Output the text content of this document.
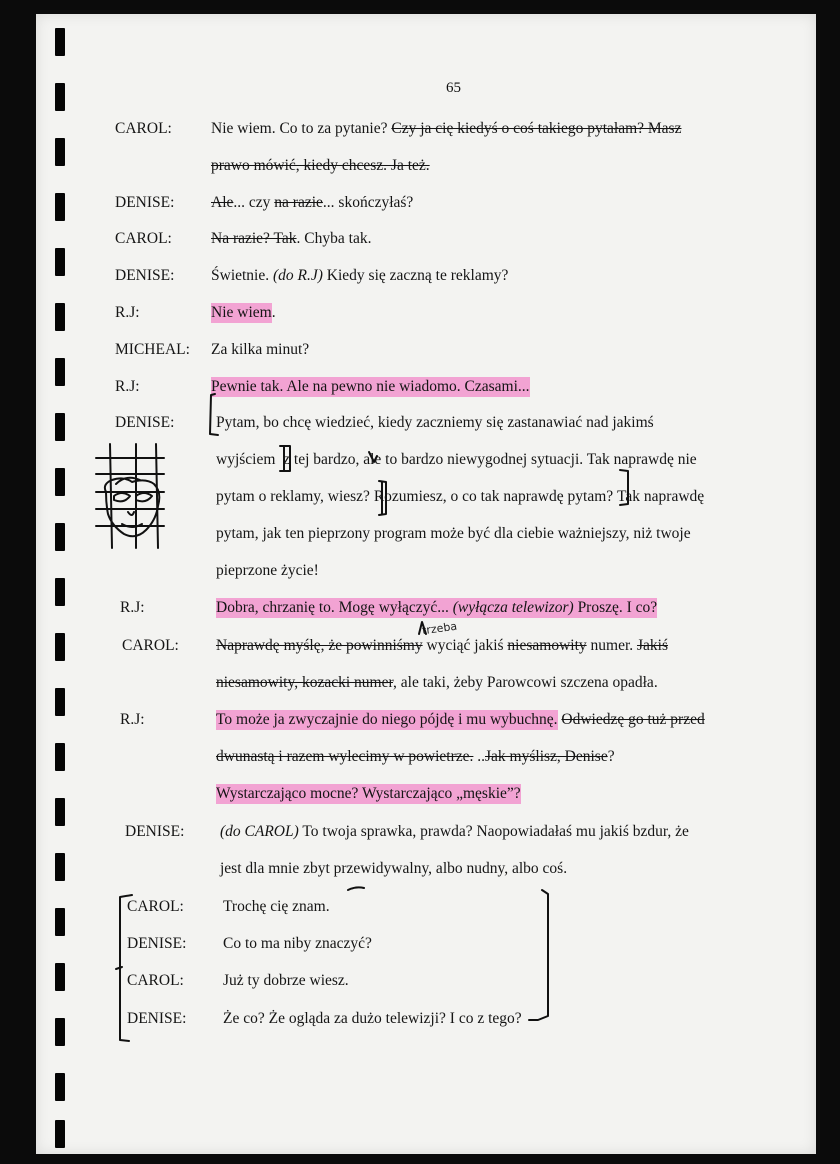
65
CAROL:	Nie wiem. Co to za pytanie? Czy ja cię kiedyś o coś takiego pytałam? Masz
prawo mówić, kiedy chcesz. Ja też.
DENISE: Ale... czy na razie... skończyłaś?
CAROL:	Na razie? Tak. Chyba tak.
DENISE: Świetnie. (do R.J) Kiedy się zaczną te reklamy?
R.J:	Nie wiem.
MICHEAL: Za kilka minut?
R.J:	Pewnie tak. Ale na pewno nie wiadomo. Czasami...
DENISE:	Pytam, bo chcę wiedzieć, kiedy zaczniemy się zastanawiać nad jakimś
wyjściem z tej bardzo, ale to bardzo niewygodnej sytuacji. Tak naprawdę nie
pytam o reklamy, wiesz? Rozumiesz, o co tak naprawdę pytam? Tak naprawdę
pytam, jak ten pieprzony program może być dla ciebie ważniejszy, niż twoje
pieprzone życie!
R.J:	Dobra, chrzanię to. Mogę wyłączyć... (wyłącza telewizor) Proszę. I co?
trzeba
CAROL: Naprawdę myślę, że powinniśmy wyciąć jakiś niesamowity numer. Jakiś
niesamowity, kozacki numer, ale taki, żeby Parowcowi szczena opadła.
R.J:	To może ja zwyczajnie do niego pójdę i mu wybuchnę. Odwiedzę go tuż przed
dwunastą i razem wylecimy w powietrze. ..Jak myślisz, Denise?
Wystarczająco mocne? Wystarczająco „męskie”?
DENISE: (do CAROL) To twoja sprawka, prawda? Naopowiadałaś mu jakiś bzdur, że
jest dla mnie zbyt przewidywalny, albo nudny, albo coś.
CAROL:	Trochę cię znam.
DENISE: Co to ma niby znaczyć?
CAROL:	Już ty dobrze wiesz.
DENISE: Że co? Że ogląda za dużo telewizji? I co z tego?
